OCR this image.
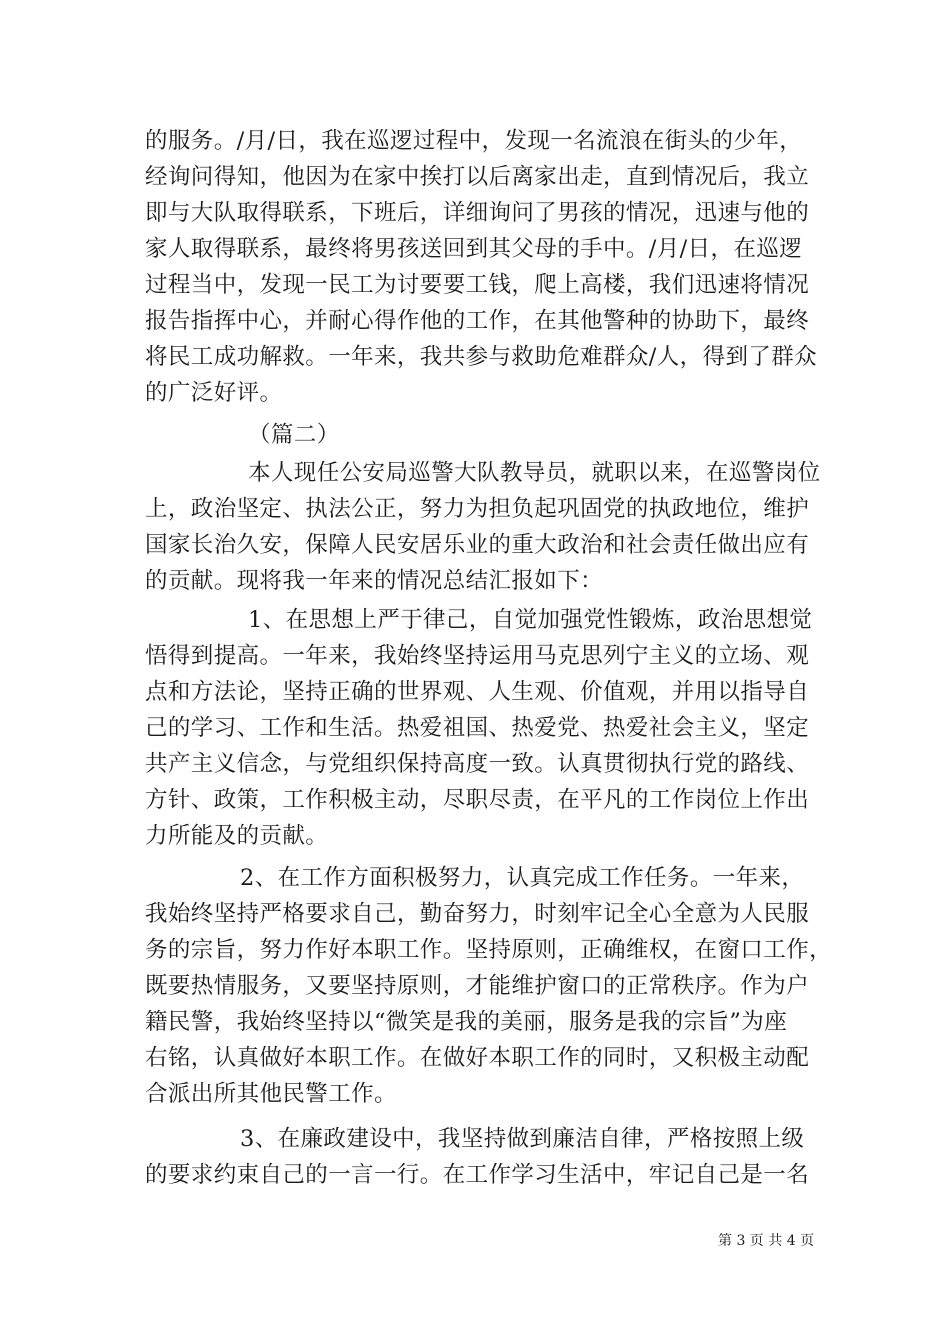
的服务。/月/日，我在巡逻过程中，发现一名流浪在街头的少年，
经询问得知，他因为在家中挨打以后离家出走，直到情况后，我立
即与大队取得联系，下班后，详细询问了男孩的情况，迅速与他的
家人取得联系，最终将男孩送回到其父母的手中。/月/日，在巡逻
过程当中，发现一民工为讨要要工钱，爬上高楼，我们迅速将情况
报告指挥中心，并耐心得作他的工作，在其他警种的协助下，最终
将民工成功解救。一年来，我共参与救助危难群众/人，得到了群众
的广泛好评。
（篇二）
本人现任公安局巡警大队教导员，就职以来，在巡警岗位
上，政治坚定、执法公正，努力为担负起巩固党的执政地位，维护
国家长治久安，保障人民安居乐业的重大政治和社会责任做出应有
的贡献。现将我一年来的情况总结汇报如下：
1、在思想上严于律己，自觉加强党性锻炼，政治思想觉
悟得到提高。一年来，我始终坚持运用马克思列宁主义的立场、观
点和方法论，坚持正确的世界观、人生观、价值观，并用以指导自
己的学习、工作和生活。热爱祖国、热爱党、热爱社会主义，坚定
共产主义信念，与党组织保持高度一致。认真贯彻执行党的路线、
方针、政策，工作积极主动，尽职尽责，在平凡的工作岗位上作出
力所能及的贡献。
2、在工作方面积极努力，认真完成工作任务。一年来，
我始终坚持严格要求自己，勤奋努力，时刻牢记全心全意为人民服
务的宗旨，努力作好本职工作。坚持原则，正确维权，在窗口工作，
既要热情服务，又要坚持原则，才能维护窗口的正常秩序。作为户
籍民警，我始终坚持以“微笑是我的美丽，服务是我的宗旨”为座
右铭，认真做好本职工作。在做好本职工作的同时，又积极主动配
合派出所其他民警工作。
3、在廉政建设中，我坚持做到廉洁自律，严格按照上级
的要求约束自己的一言一行。在工作学习生活中，牢记自己是一名
第 3 页 共 4 页
